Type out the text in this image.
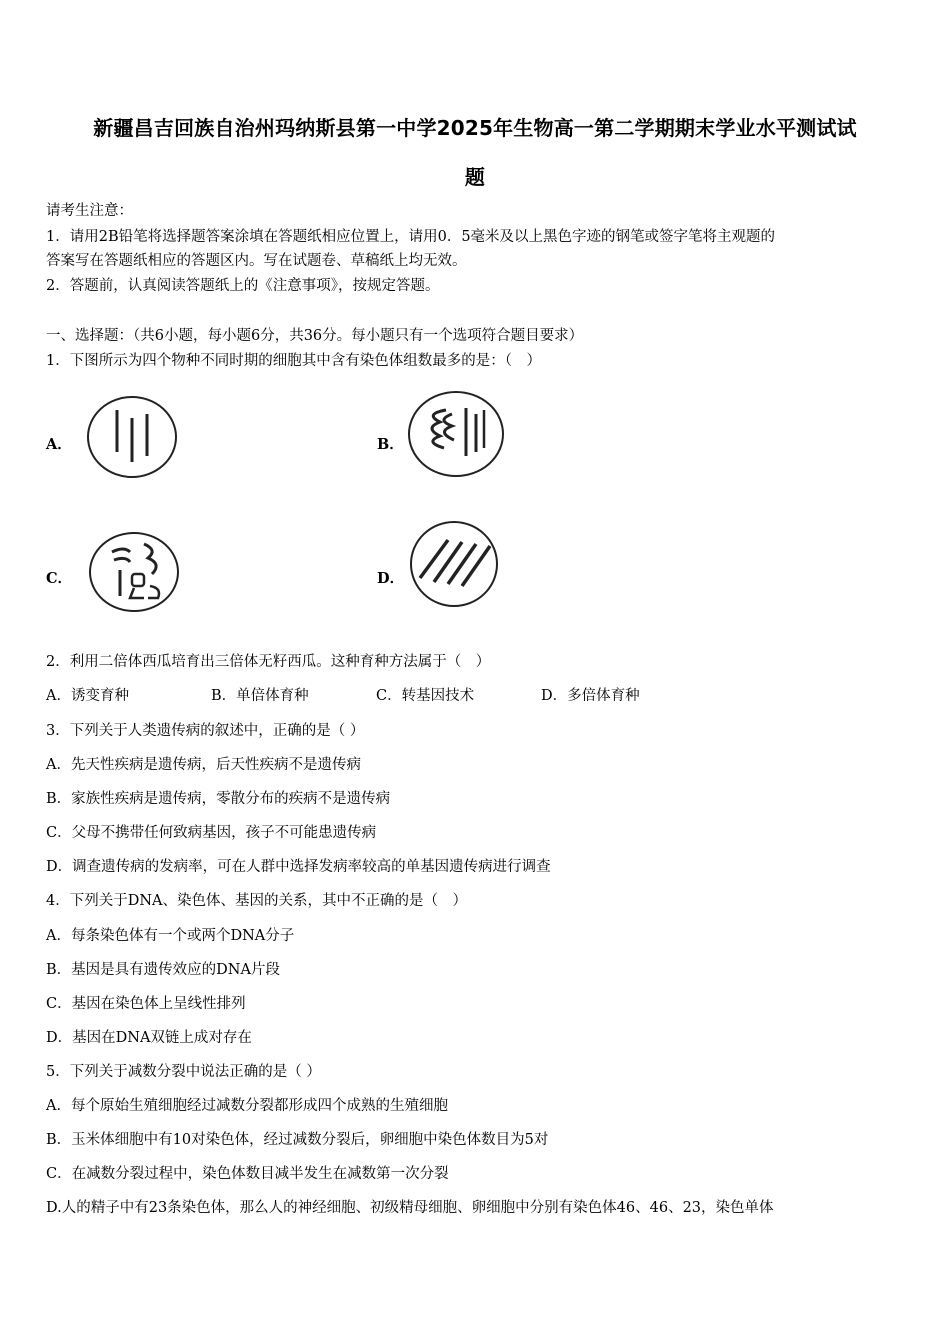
新疆昌吉回族自治州玛纳斯县第一中学2025年生物高一第二学期期末学业水平测试试
题
请考生注意：
1．请用2B铅笔将选择题答案涂填在答题纸相应位置上，请用0．5毫米及以上黑色字迹的钢笔或签字笔将主观题的
答案写在答题纸相应的答题区内。写在试题卷、草稿纸上均无效。
2．答题前，认真阅读答题纸上的《注意事项》，按规定答题。
一、选择题：（共6小题，每小题6分，共36分。每小题只有一个选项符合题目要求）
1．下图所示为四个物种不同时期的细胞其中含有染色体组数最多的是：（　）
A．	B．
C．	D．
2．利用二倍体西瓜培育出三倍体无籽西瓜。这种育种方法属于（　）
A．诱变育种	B．单倍体育种	C．转基因技术	D．多倍体育种
3．下列关于人类遗传病的叙述中，正确的是（ ）
A．先天性疾病是遗传病，后天性疾病不是遗传病
B．家族性疾病是遗传病，零散分布的疾病不是遗传病
C．父母不携带任何致病基因，孩子不可能患遗传病
D．调查遗传病的发病率，可在人群中选择发病率较高的单基因遗传病进行调查
4．下列关于DNA、染色体、基因的关系，其中不正确的是（　）
A．每条染色体有一个或两个DNA分子
B．基因是具有遗传效应的DNA片段
C．基因在染色体上呈线性排列
D．基因在DNA双链上成对存在
5．下列关于减数分裂中说法正确的是（ ）
A．每个原始生殖细胞经过减数分裂都形成四个成熟的生殖细胞
B．玉米体细胞中有10对染色体，经过减数分裂后，卵细胞中染色体数目为5对
C．在减数分裂过程中，染色体数目减半发生在减数第一次分裂
D.人的精子中有23条染色体，那么人的神经细胞、初级精母细胞、卵细胞中分别有染色体46、46、23，染色单体
